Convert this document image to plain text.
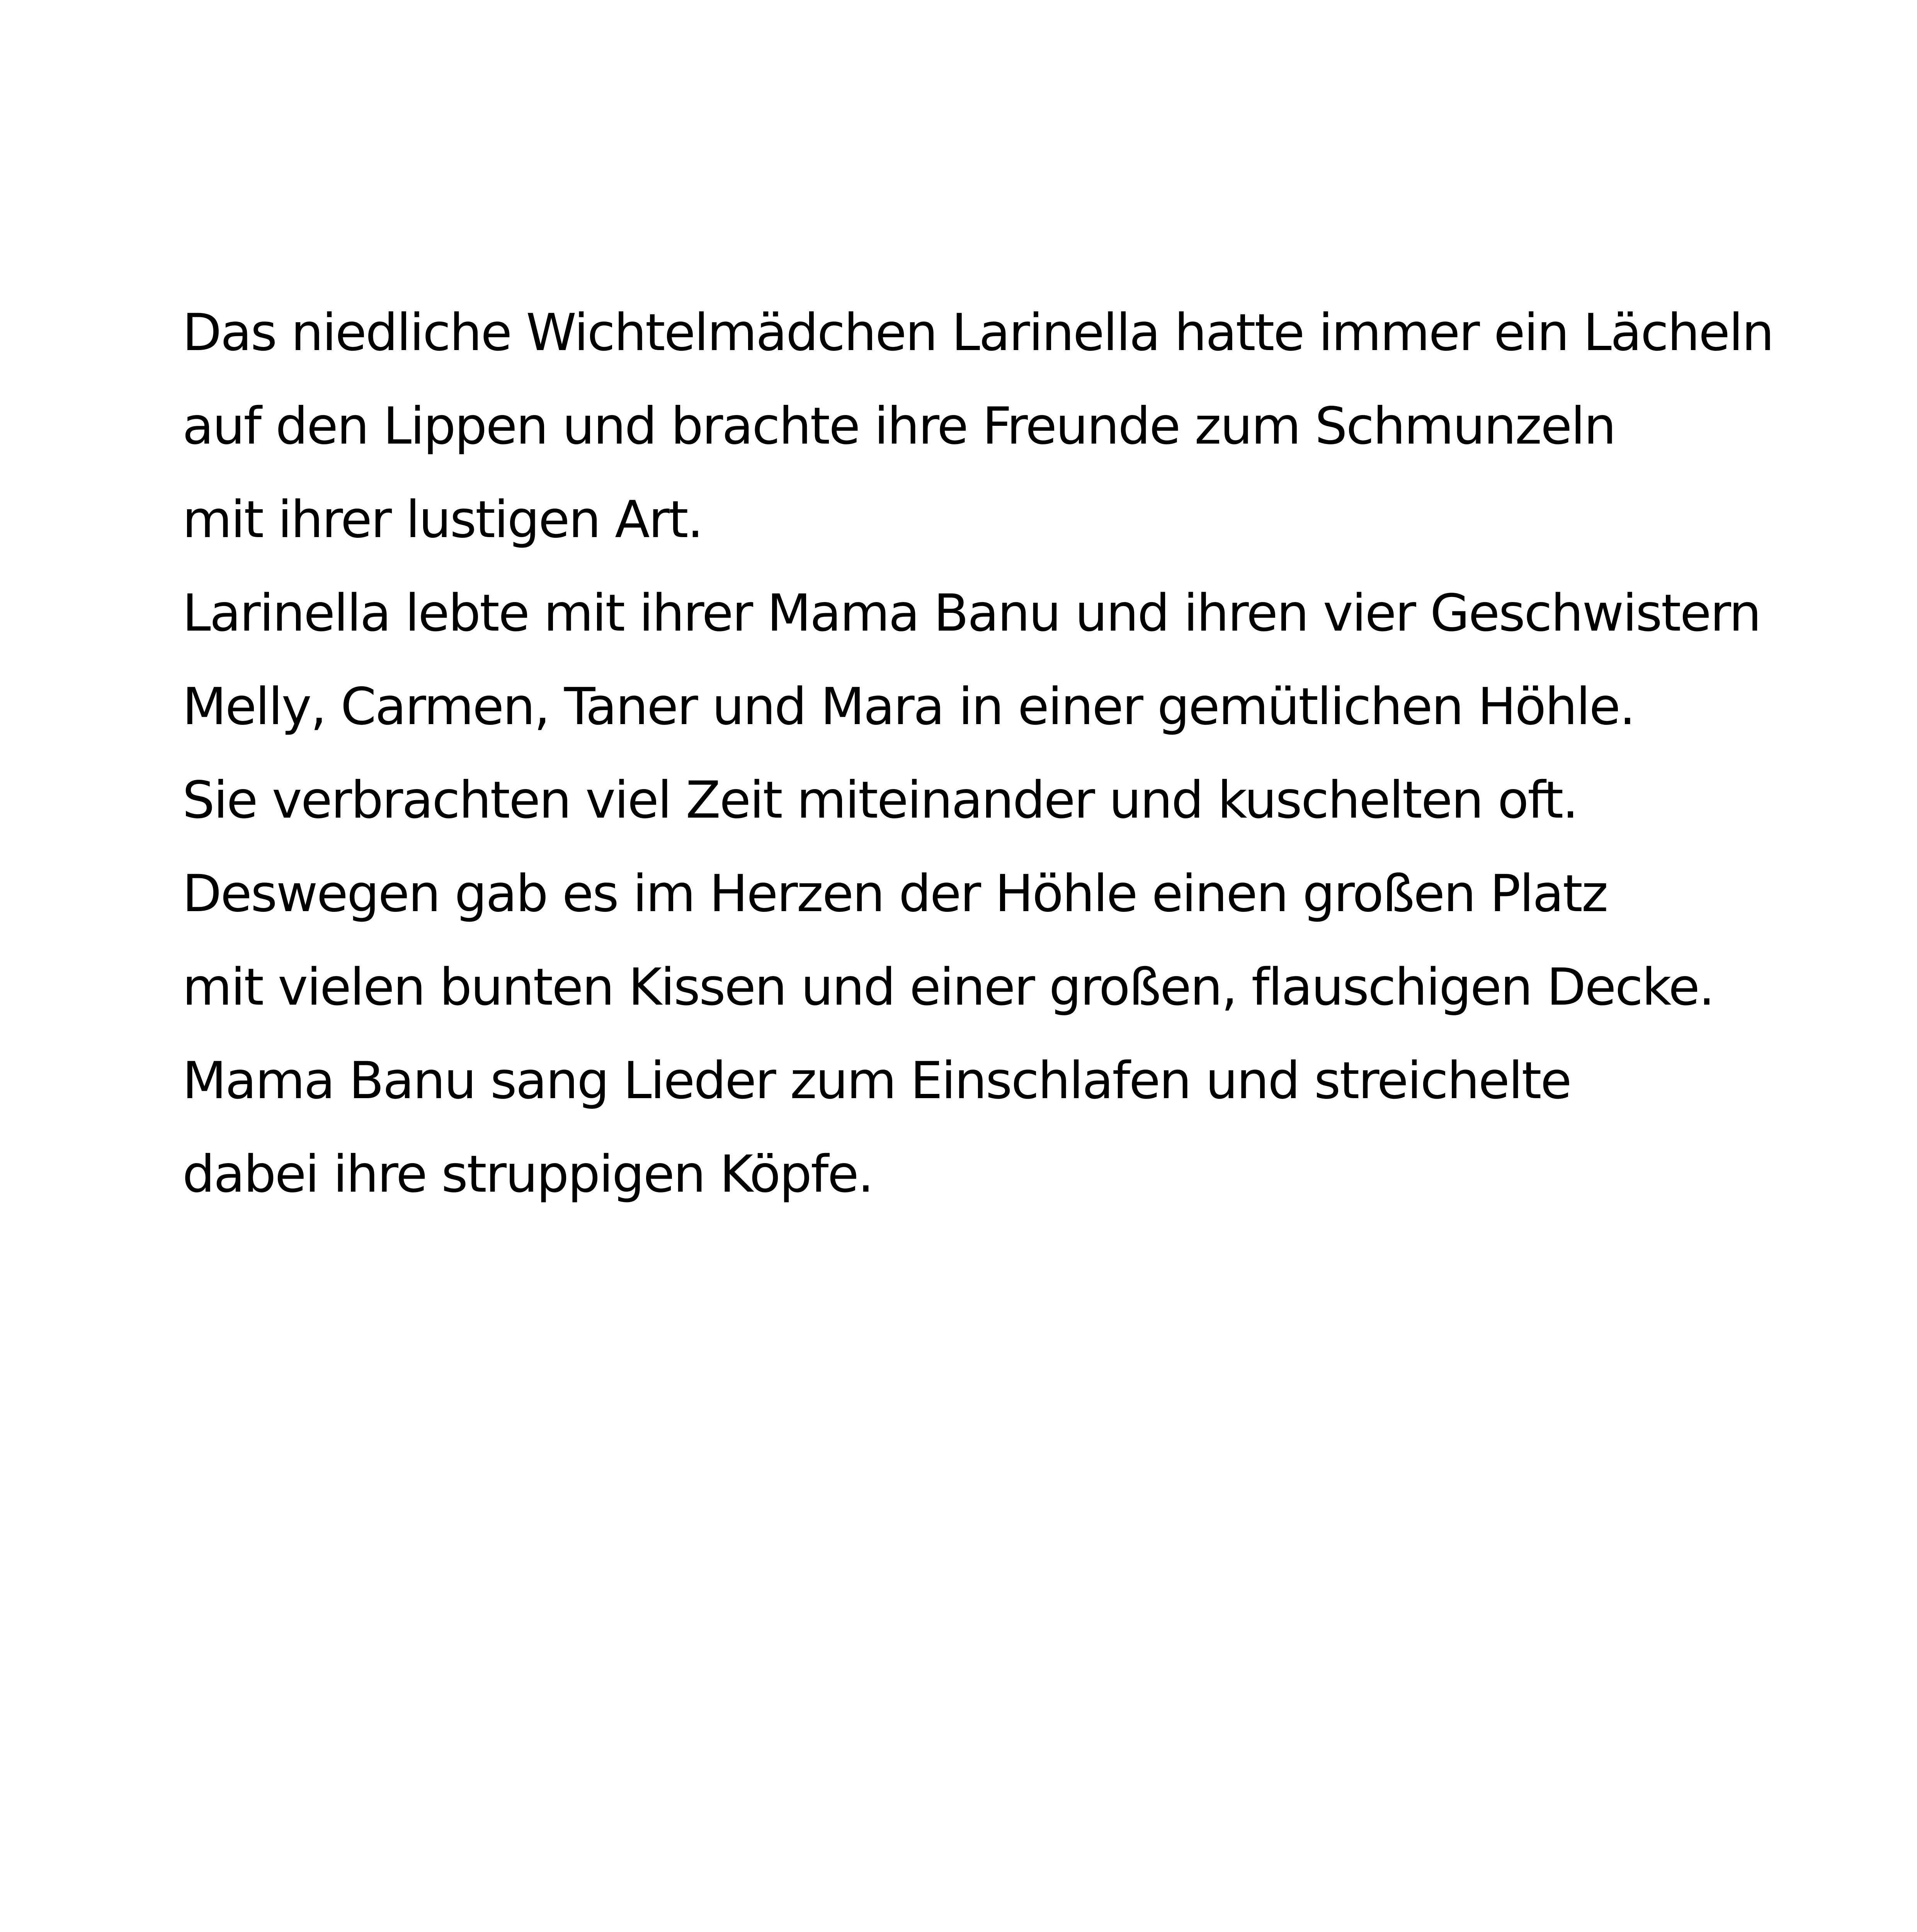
Das niedliche Wichtelmädchen Larinella hatte immer ein Lächeln
auf den Lippen und brachte ihre Freunde zum Schmunzeln
mit ihrer lustigen Art.
Larinella lebte mit ihrer Mama Banu und ihren vier Geschwistern
Melly, Carmen, Taner und Mara in einer gemütlichen Höhle.
Sie verbrachten viel Zeit miteinander und kuschelten oft.
Deswegen gab es im Herzen der Höhle einen großen Platz
mit vielen bunten Kissen und einer großen, flauschigen Decke.
Mama Banu sang Lieder zum Einschlafen und streichelte
dabei ihre struppigen Köpfe.
